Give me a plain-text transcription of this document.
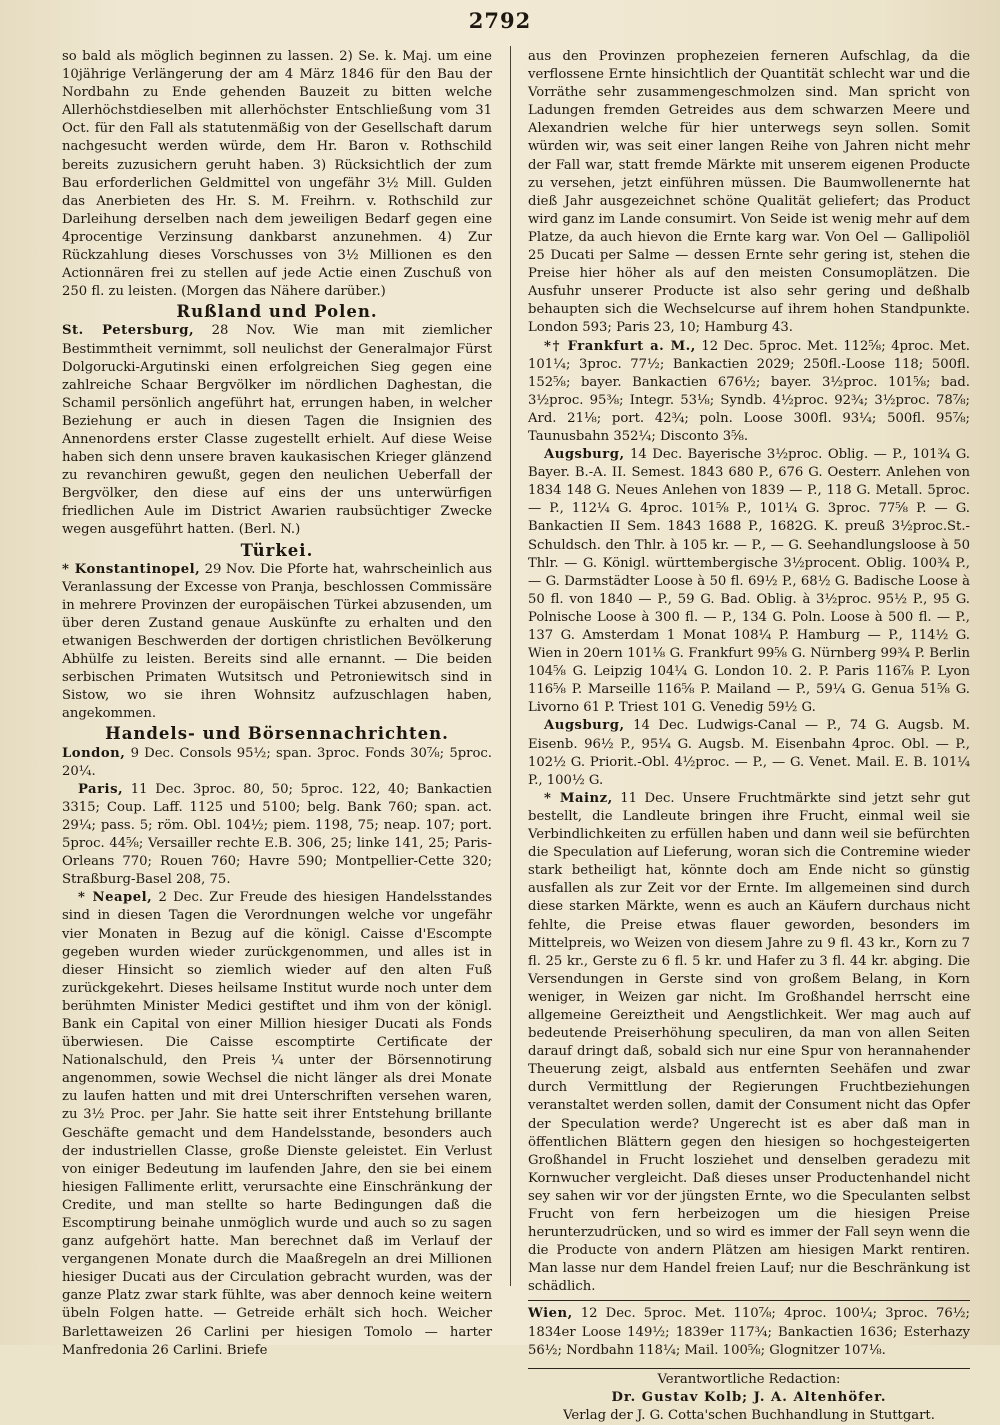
2792

so bald als möglich beginnen zu lassen. 2) Se. k. Maj. um eine 10jährige Verlängerung der am 4 März 1846 für den Bau der Nordbahn zu Ende gehenden Bauzeit zu bitten welche Allerhöchstdieselben mit allerhöchster Entschließung vom 31 Oct. für den Fall als statutenmäßig von der Gesellschaft darum nachgesucht werden würde, dem Hr. Baron v. Rothschild bereits zuzusichern geruht haben. 3) Rücksichtlich der zum Bau erforderlichen Geldmittel von ungefähr 3½ Mill. Gulden das Anerbieten des Hr. S. M. Freihrn. v. Rothschild zur Darleihung derselben nach dem jeweiligen Bedarf gegen eine 4procentige Verzinsung dankbarst anzunehmen. 4) Zur Rückzahlung dieses Vorschusses von 3½ Millionen es den Actionnären frei zu stellen auf jede Actie einen Zuschuß von 250 fl. zu leisten. (Morgen das Nähere darüber.)

Rußland und Polen.

St. Petersburg, 28 Nov. Wie man mit ziemlicher Bestimmtheit vernimmt, soll neulichst der Generalmajor Fürst Dolgoruckі-Argutinski einen erfolgreichen Sieg gegen eine zahlreiche Schaar Bergvölker im nördlichen Daghestan, die Schamil persönlich angeführt hat, errungen haben, in welcher Beziehung er auch in diesen Tagen die Insignien des Annenordens erster Classe zugestellt erhielt. Auf diese Weise haben sich denn unsere braven kaukasischen Krieger glänzend zu revanchiren gewußt, gegen den neulichen Ueberfall der Bergvölker, den diese auf eins der uns unterwürfigen friedlichen Aule im District Awarien raubsüchtiger Zwecke wegen ausgeführt hatten. (Berl. N.)

Türkei.

* Konstantinopel, 29 Nov. Die Pforte hat, wahrscheinlich aus Veranlassung der Excesse von Pranja, beschlossen Commissäre in mehrere Provinzen der europäischen Türkei abzusenden, um über deren Zustand genaue Auskünfte zu erhalten und den etwanigen Beschwerden der dortigen christlichen Bevölkerung Abhülfe zu leisten. Bereits sind alle ernannt. — Die beiden serbischen Primaten Wutsitsch und Petroniewitsch sind in Sistow, wo sie ihren Wohnsitz aufzuschlagen haben, angekommen.

Handels- und Börsennachrichten.

London, 9 Dec. Consols 95½; span. 3proc. Fonds 30⅞; 5proc. 20¼.

Paris, 11 Dec. 3proc. 80, 50; 5proc. 122, 40; Bankactien 3315; Coup. Laff. 1125 und 5100; belg. Bank 760; span. act. 29¼; pass. 5; röm. Obl. 104½; piem. 1198, 75; neap. 107; port. 5proc. 44⅝; Versailler rechte E.B. 306, 25; linke 141, 25; Paris-Orleans 770; Rouen 760; Havre 590; Montpellier-Cette 320; Straßburg-Basel 208, 75.

* Neapel, 2 Dec. Zur Freude des hiesigen Handelsstandes sind in diesen Tagen die Verordnungen welche vor ungefähr vier Monaten in Bezug auf die königl. Caisse d'Escompte gegeben wurden wieder zurückgenommen, und alles ist in dieser Hinsicht so ziemlich wieder auf den alten Fuß zurückgekehrt. Dieses heilsame Institut wurde noch unter dem berühmten Minister Medici gestiftet und ihm von der königl. Bank ein Capital von einer Million hiesiger Ducati als Fonds überwiesen. Die Caisse escomptirte Certificate der Nationalschuld, den Preis ¼ unter der Börsennotirung angenommen, sowie Wechsel die nicht länger als drei Monate zu laufen hatten und mit drei Unterschriften versehen waren, zu 3½ Proc. per Jahr. Sie hatte seit ihrer Entstehung brillante Geschäfte gemacht und dem Handelsstande, besonders auch der industriellen Classe, große Dienste geleistet. Ein Verlust von einiger Bedeutung im laufenden Jahre, den sie bei einem hiesigen Fallimente erlitt, verursachte eine Einschränkung der Credite, und man stellte so harte Bedingungen daß die Escomptirung beinahe unmöglich wurde und auch so zu sagen ganz aufgehört hatte. Man berechnet daß im Verlauf der vergangenen Monate durch die Maaßregeln an drei Millionen hiesiger Ducati aus der Circulation gebracht wurden, was der ganze Platz zwar stark fühlte, was aber dennoch keine weitern übeln Folgen hatte. — Getreide erhält sich hoch. Weicher Barlettaweizen 26 Carlini per hiesigen Tomolo — harter Manfredonia 26 Carlini. Briefe

aus den Provinzen prophezeien ferneren Aufschlag, da die verflossene Ernte hinsichtlich der Quantität schlecht war und die Vorräthe sehr zusammengeschmolzen sind. Man spricht von Ladungen fremden Getreides aus dem schwarzen Meere und Alexandrien welche für hier unterwegs seyn sollen. Somit würden wir, was seit einer langen Reihe von Jahren nicht mehr der Fall war, statt fremde Märkte mit unserem eigenen Producte zu versehen, jetzt einführen müssen. Die Baumwollenernte hat dieß Jahr ausgezeichnet schöne Qualität geliefert; das Product wird ganz im Lande consumirt. Von Seide ist wenig mehr auf dem Platze, da auch hievon die Ernte karg war. Von Oel — Gallipoliöl 25 Ducati per Salme — dessen Ernte sehr gering ist, stehen die Preise hier höher als auf den meisten Consumoplätzen. Die Ausfuhr unserer Producte ist also sehr gering und deßhalb behaupten sich die Wechselcurse auf ihrem hohen Standpunkte. London 593; Paris 23, 10; Hamburg 43.

*† Frankfurt a. M., 12 Dec. 5proc. Met. 112⅝; 4proc. Met. 101¼; 3proc. 77½; Bankactien 2029; 250fl.-Loose 118; 500fl. 152⅝; bayer. Bankactien 676½; bayer. 3½proc. 101⅝; bad. 3½proc. 95⅜; Integr. 53⅛; Syndb. 4½proc. 92¾; 3½proc. 78⅞; Ard. 21⅛; port. 42¾; poln. Loose 300fl. 93¼; 500fl. 95⅞; Taunusbahn 352¼; Disconto 3⅝.

Augsburg, 14 Dec. Bayerische 3½proc. Oblig. — P., 101¾ G. Bayer. B.-A. II. Semest. 1843 680 P., 676 G. Oesterr. Anlehen von 1834 148 G. Neues Anlehen von 1839 — P., 118 G. Metall. 5proc. — P., 112¼ G. 4proc. 101⅝ P., 101¼ G. 3proc. 77⅝ P. — G. Bankactien II Sem. 1843 1688 P., 1682G. K. preuß 3½proc.St.-Schuldsch. den Thlr. à 105 kr. — P., — G. Seehandlungsloose à 50 Thlr. — G. Königl. württembergische 3½procent. Oblig. 100¾ P., — G. Darmstädter Loose à 50 fl. 69½ P., 68½ G. Badische Loose à 50 fl. von 1840 — P., 59 G. Bad. Oblig. à 3½proc. 95½ P., 95 G. Polnische Loose à 300 fl. — P., 134 G. Poln. Loose à 500 fl. — P., 137 G. Amsterdam 1 Monat 108¼ P. Hamburg — P., 114½ G. Wien in 20ern 101⅛ G. Frankfurt 99⅝ G. Nürnberg 99¾ P. Berlin 104⅝ G. Leipzig 104¼ G. London 10. 2. P. Paris 116⅞ P. Lyon 116⅝ P. Marseille 116⅝ P. Mailand — P., 59¼ G. Genua 51⅝ G. Livorno 61 P. Triest 101 G. Venedig 59½ G.

Augsburg, 14 Dec. Ludwigs-Canal — P., 74 G. Augsb. M. Eisenb. 96½ P., 95¼ G. Augsb. M. Eisenbahn 4proc. Obl. — P., 102½ G. Priorit.-Obl. 4½proc. — P., — G. Venet. Mail. E. B. 101¼ P., 100½ G.

* Mainz, 11 Dec. Unsere Fruchtmärkte sind jetzt sehr gut bestellt, die Landleute bringen ihre Frucht, einmal weil sie Verbindlichkeiten zu erfüllen haben und dann weil sie befürchten die Speculation auf Lieferung, woran sich die Contremine wieder stark betheiligt hat, könnte doch am Ende nicht so günstig ausfallen als zur Zeit vor der Ernte. Im allgemeinen sind durch diese starken Märkte, wenn es auch an Käufern durchaus nicht fehlte, die Preise etwas flauer geworden, besonders im Mittelpreis, wo Weizen von diesem Jahre zu 9 fl. 43 kr., Korn zu 7 fl. 25 kr., Gerste zu 6 fl. 5 kr. und Hafer zu 3 fl. 44 kr. abging. Die Versendungen in Gerste sind von großem Belang, in Korn weniger, in Weizen gar nicht. Im Großhandel herrscht eine allgemeine Gereiztheit und Aengstlichkeit. Wer mag auch auf bedeutende Preiserhöhung speculiren, da man von allen Seiten darauf dringt daß, sobald sich nur eine Spur von herannahender Theuerung zeigt, alsbald aus entfernten Seehäfen und zwar durch Vermittlung der Regierungen Fruchtbeziehungen veranstaltet werden sollen, damit der Consument nicht das Opfer der Speculation werde? Ungerecht ist es aber daß man in öffentlichen Blättern gegen den hiesigen so hochgesteigerten Großhandel in Frucht losziehet und denselben geradezu mit Kornwucher vergleicht. Daß dieses unser Productenhandel nicht sey sahen wir vor der jüngsten Ernte, wo die Speculanten selbst Frucht von fern herbeizogen um die hiesigen Preise herunterzudrücken, und so wird es immer der Fall seyn wenn die die Producte von andern Plätzen am hiesigen Markt rentiren. Man lasse nur dem Handel freien Lauf; nur die Beschränkung ist schädlich.

Wien, 12 Dec. 5proc. Met. 110⅞; 4proc. 100¼; 3proc. 76½; 1834er Loose 149½; 1839er 117¾; Bankactien 1636; Esterhazy 56½; Nordbahn 118¼; Mail. 100⅝; Glognitzer 107⅛.

Verantwortliche Redaction:

Dr. Gustav Kolb; J. A. Altenhöfer.

Verlag der J. G. Cotta'schen Buchhandlung in Stuttgart.
